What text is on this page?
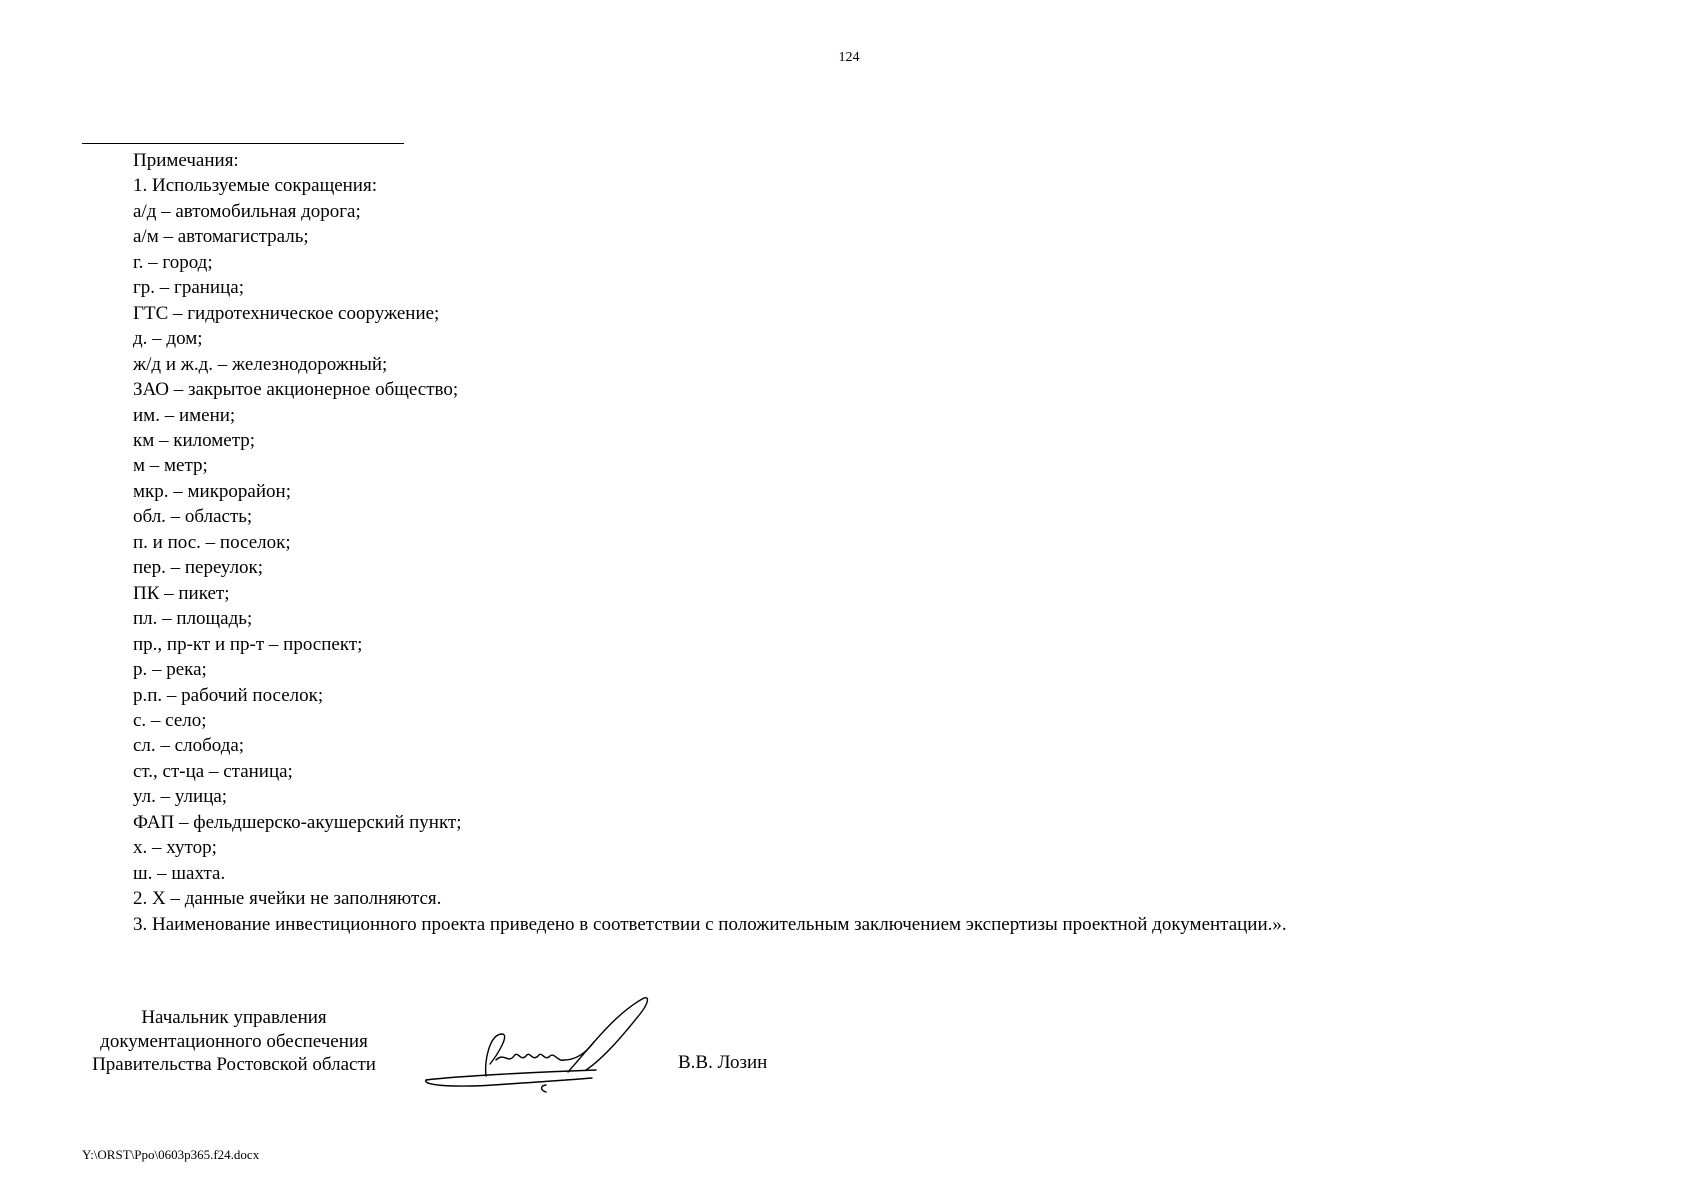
124
Примечания:
1. Используемые сокращения:
а/д – автомобильная дорога;
а/м – автомагистраль;
г. – город;
гр. – граница;
ГТС – гидротехническое сооружение;
д. – дом;
ж/д и ж.д. – железнодорожный;
ЗАО – закрытое акционерное общество;
им. – имени;
км – километр;
м – метр;
мкр. – микрорайон;
обл. – область;
п. и пос. – поселок;
пер. – переулок;
ПК – пикет;
пл. – площадь;
пр., пр-кт и пр-т – проспект;
р. – река;
р.п. – рабочий поселок;
с. – село;
сл. – слобода;
ст., ст-ца – станица;
ул. – улица;
ФАП – фельдшерско-акушерский пункт;
х. – хутор;
ш. – шахта.
2. Х – данные ячейки не заполняются.
3. Наименование инвестиционного проекта приведено в соответствии с положительным заключением экспертизы проектной документации.».
Начальник управления
документационного обеспечения
Правительства Ростовской области	В.В. Лозин
Y:\ORST\Ppo\0603p365.f24.docx
